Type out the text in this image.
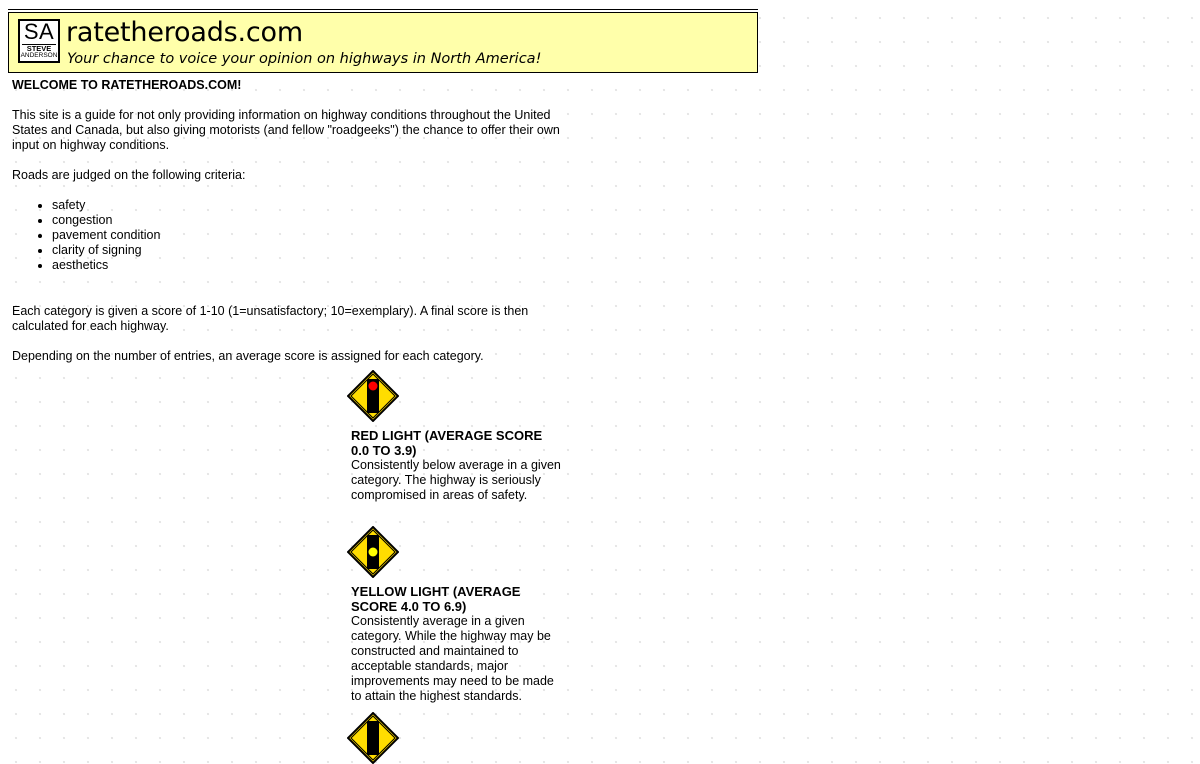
SA
STEVE
ANDERSON
ratetheroads.com
Your chance to voice your opinion on highways in North America!

WELCOME TO RATETHEROADS.COM!

This site is a guide for not only providing information on highway conditions throughout the United States and Canada, but also giving motorists (and fellow "roadgeeks") the chance to offer their own input on highway conditions.

Roads are judged on the following criteria:

• safety
• congestion
• pavement condition
• clarity of signing
• aesthetics

Each category is given a score of 1-10 (1=unsatisfactory; 10=exemplary). A final score is then calculated for each highway.

Depending on the number of entries, an average score is assigned for each category.

RED LIGHT (AVERAGE SCORE 0.0 TO 3.9)
Consistently below average in a given category. The highway is seriously compromised in areas of safety.
YELLOW LIGHT (AVERAGE SCORE 4.0 TO 6.9)
Consistently average in a given category. While the highway may be constructed and maintained to acceptable standards, major improvements may need to be made to attain the highest standards.
